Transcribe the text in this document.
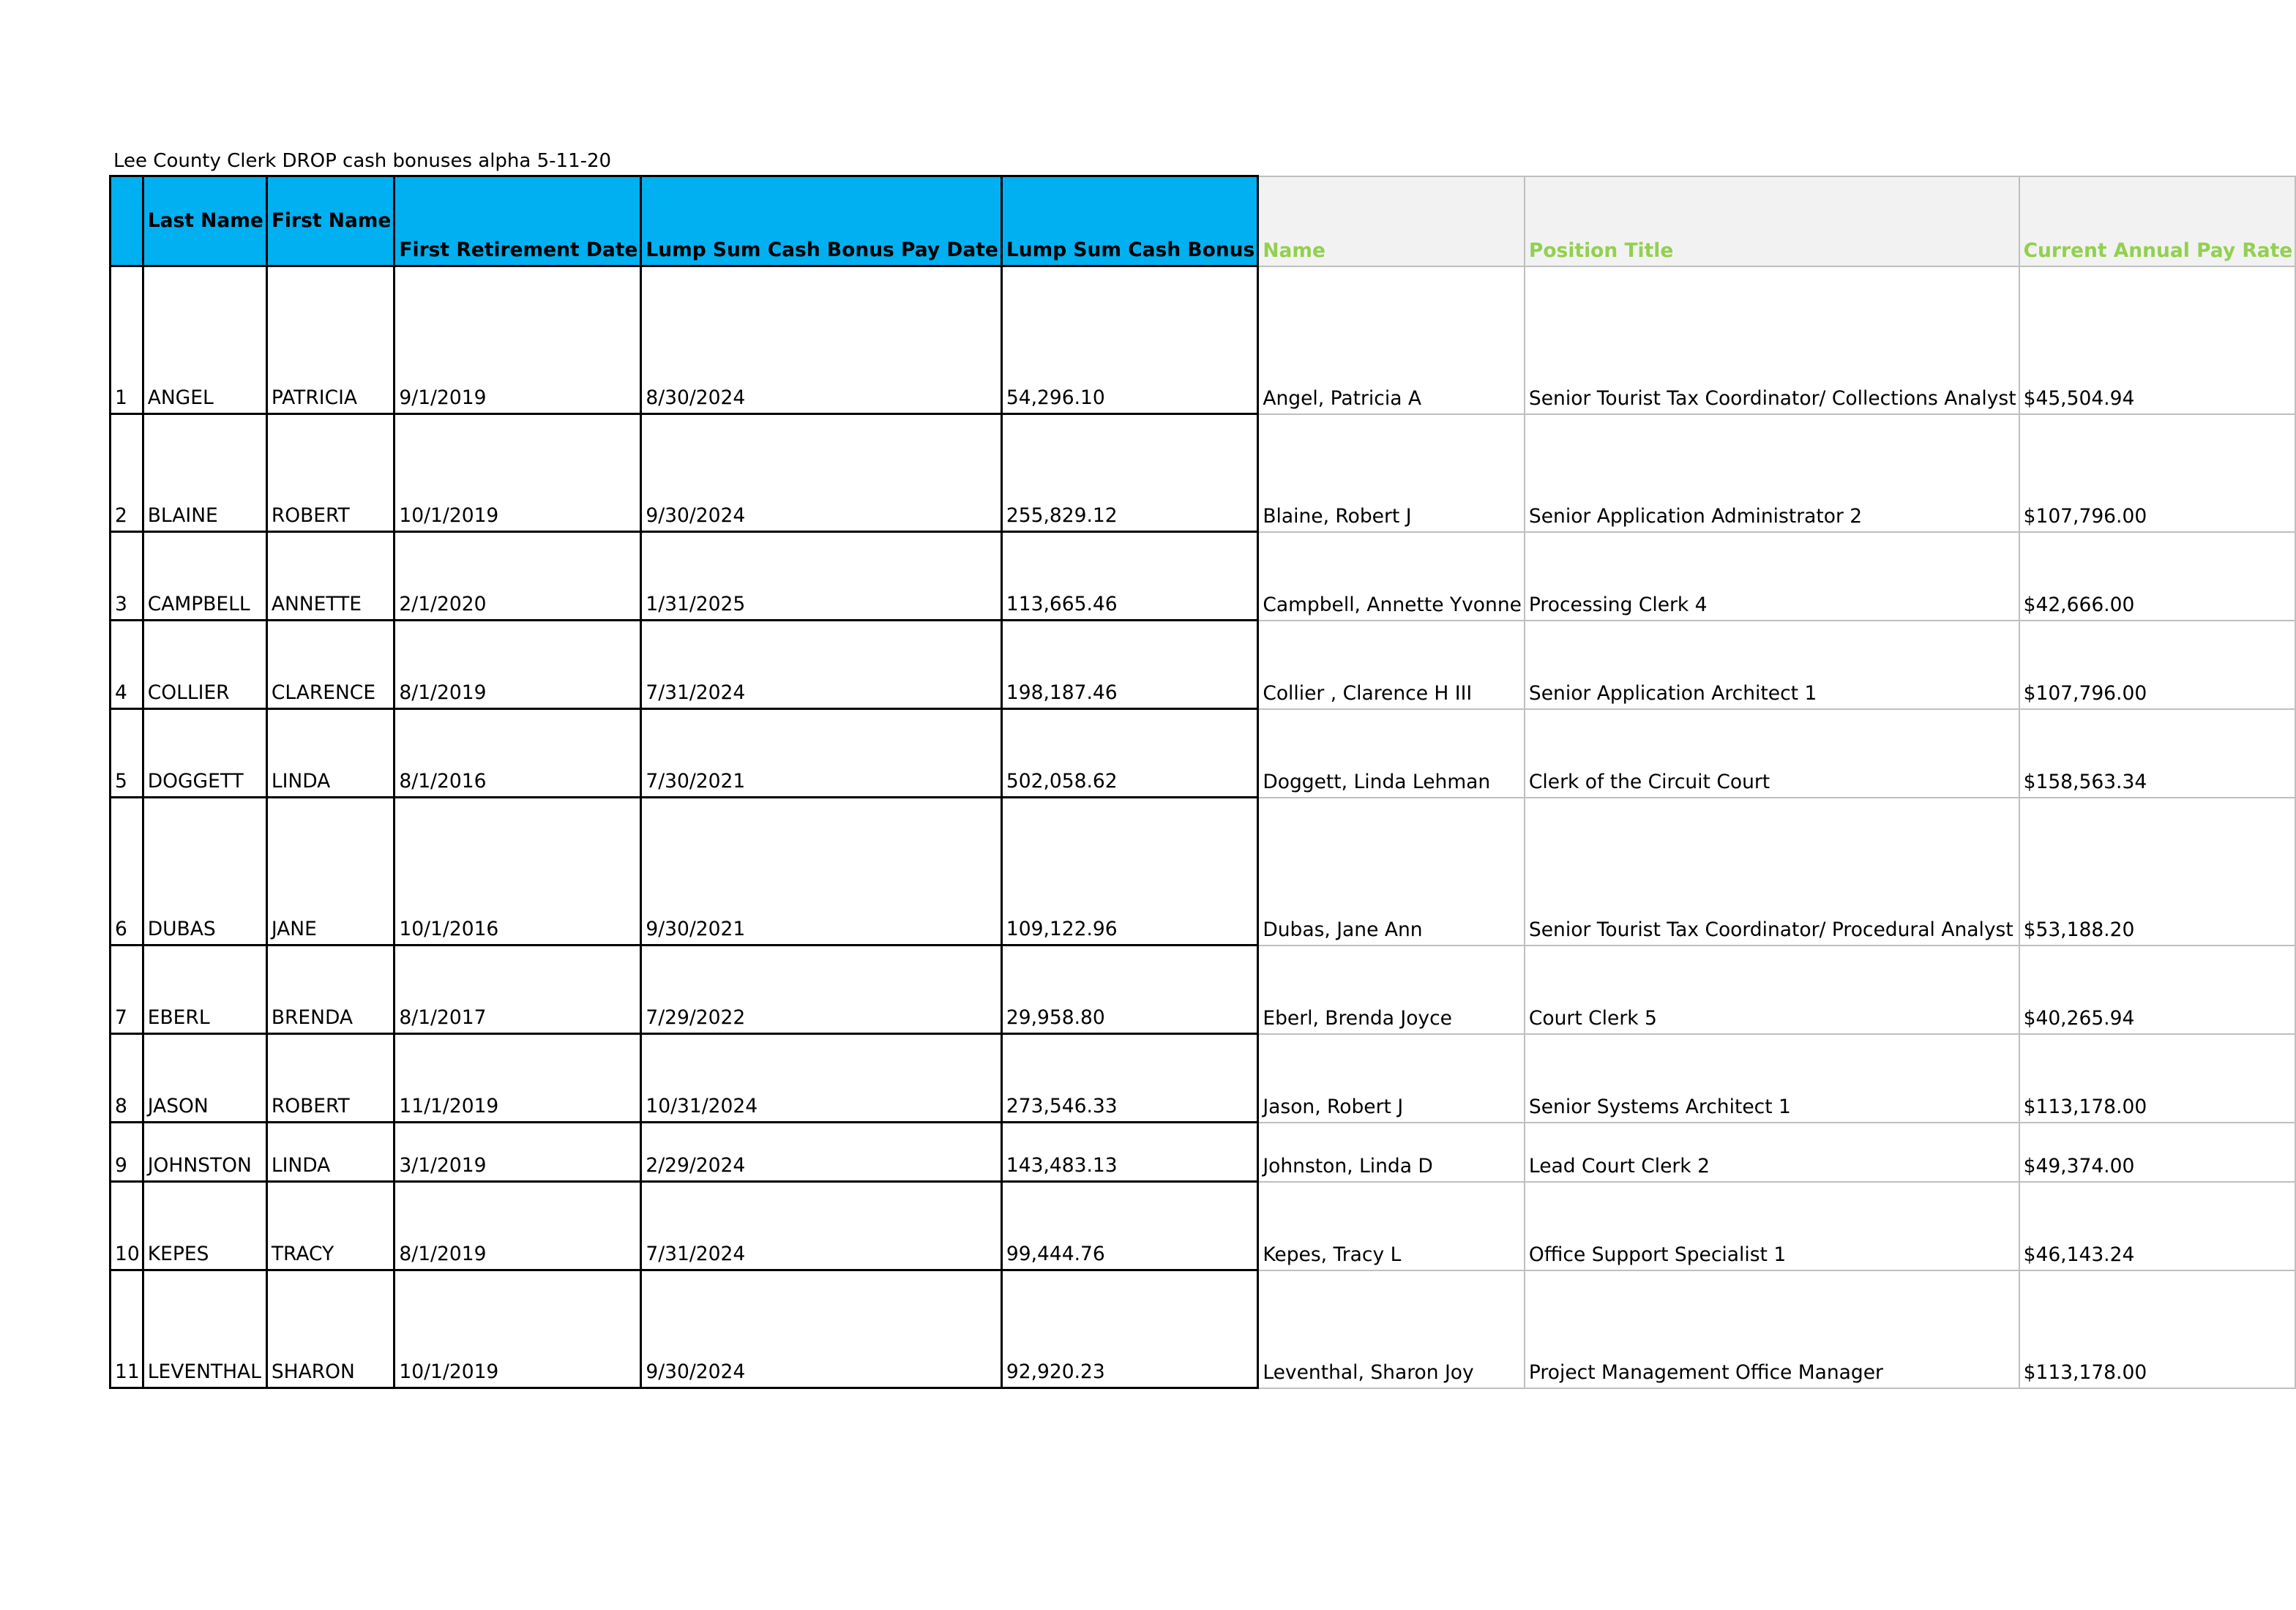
Lee County Clerk DROP cash bonuses alpha 5-11-20
	Last Name	First Name	First Retirement Date	Lump Sum Cash Bonus Pay Date	Lump Sum Cash Bonus	Name	Position Title	Current Annual Pay Rate
1	ANGEL	PATRICIA	9/1/2019	8/30/2024	54,296.10	Angel, Patricia A	Senior Tourist Tax Coordinator/ Collections Analyst	$45,504.94
2	BLAINE	ROBERT	10/1/2019	9/30/2024	255,829.12	Blaine, Robert J	Senior Application Administrator 2	$107,796.00
3	CAMPBELL	ANNETTE	2/1/2020	1/31/2025	113,665.46	Campbell, Annette Yvonne	Processing Clerk 4	$42,666.00
4	COLLIER	CLARENCE	8/1/2019	7/31/2024	198,187.46	Collier , Clarence H III	Senior Application Architect 1	$107,796.00
5	DOGGETT	LINDA	8/1/2016	7/30/2021	502,058.62	Doggett, Linda Lehman	Clerk of the Circuit Court	$158,563.34
6	DUBAS	JANE	10/1/2016	9/30/2021	109,122.96	Dubas, Jane Ann	Senior Tourist Tax Coordinator/ Procedural Analyst	$53,188.20
7	EBERL	BRENDA	8/1/2017	7/29/2022	29,958.80	Eberl, Brenda Joyce	Court Clerk 5	$40,265.94
8	JASON	ROBERT	11/1/2019	10/31/2024	273,546.33	Jason, Robert J	Senior Systems Architect 1	$113,178.00
9	JOHNSTON	LINDA	3/1/2019	2/29/2024	143,483.13	Johnston, Linda D	Lead Court Clerk 2	$49,374.00
10	KEPES	TRACY	8/1/2019	7/31/2024	99,444.76	Kepes, Tracy L	Office Support Specialist 1	$46,143.24
11	LEVENTHAL	SHARON	10/1/2019	9/30/2024	92,920.23	Leventhal, Sharon Joy	Project Management Office Manager	$113,178.00
